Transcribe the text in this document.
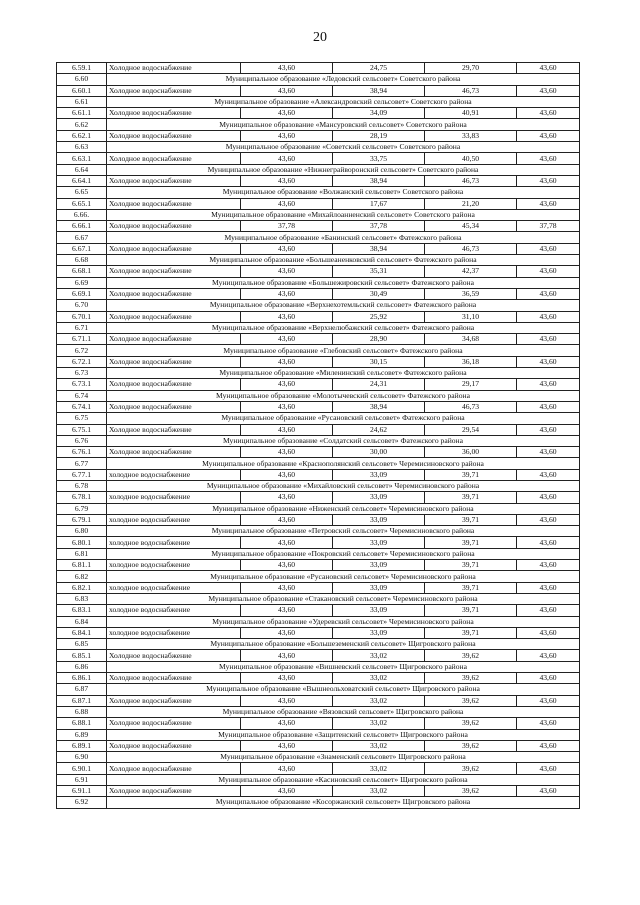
20
6.59.1	Холодное водоснабжение	43,60	24,75	29,70	43,60
6.60	Муниципальное образование «Ледовский сельсовет» Советского района				
6.60.1	Холодное водоснабжение	43,60	38,94	46,73	43,60
6.61	Муниципальное образование «Александровский сельсовет» Советского района				
6.61.1	Холодное водоснабжение	43,60	34,09	40,91	43,60
6.62	Муниципальное образование «Мансуровский сельсовет» Советского района				
6.62.1	Холодное водоснабжение	43,60	28,19	33,83	43,60
6.63	Муниципальное образование «Советский сельсовет» Советского района				
6.63.1	Холодное водоснабжение	43,60	33,75	40,50	43,60
6.64	Муниципальное образование «Нижнеграйворонский сельсовет» Советского района				
6.64.1	Холодное водоснабжение	43,60	38,94	46,73	43,60
6.65	Муниципальное образование «Волжанский сельсовет» Советского района				
6.65.1	Холодное водоснабжение	43,60	17,67	21,20	43,60
6.66.	Муниципальное образование «Михайлоанненский сельсовет» Советского района				
6.66.1	Холодное водоснабжение	37,78	37,78	45,34	37,78
6.67	Муниципальное образование «Банинский сельсовет» Фатежского района				
6.67.1	Холодное водоснабжение	43,60	38,94	46,73	43,60
6.68	Муниципальное образование «Большеаненковский сельсовет» Фатежского района				
6.68.1	Холодное водоснабжение	43,60	35,31	42,37	43,60
6.69	Муниципальное образование «Большежировский сельсовет» Фатежского района				
6.69.1	Холодное водоснабжение	43,60	30,49	36,59	43,60
6.70	Муниципальное образование «Верхнехотемльский сельсовет» Фатежского района				
6.70.1	Холодное водоснабжение	43,60	25,92	31,10	43,60
6.71	Муниципальное образование «Верхнелюбажский сельсовет» Фатежского района				
6.71.1	Холодное водоснабжение	43,60	28,90	34,68	43,60
6.72	Муниципальное образование «Глебовский сельсовет» Фатежского района				
6.72.1	Холодное водоснабжение	43,60	30,15	36,18	43,60
6.73	Муниципальное образование «Миленинский сельсовет» Фатежского района				
6.73.1	Холодное водоснабжение	43,60	24,31	29,17	43,60
6.74	Муниципальное образование «Молотычевский сельсовет» Фатежского района				
6.74.1	Холодное водоснабжение	43,60	38,94	46,73	43,60
6.75	Муниципальное образование «Русановский сельсовет» Фатежского района				
6.75.1	Холодное водоснабжение	43,60	24,62	29,54	43,60
6.76	Муниципальное образование «Солдатский сельсовет» Фатежского района				
6.76.1	Холодное водоснабжение	43,60	30,00	36,00	43,60
6.77	Муниципальное образование «Краснополянский сельсовет» Черемисиновского района				
6.77.1	холодное водоснабжение	43,60	33,09	39,71	43,60
6.78	Муниципальное образование «Михайловский сельсовет» Черемисиновского района				
6.78.1	холодное водоснабжение	43,60	33,09	39,71	43,60
6.79	Муниципальное образование «Ниженский сельсовет» Черемисиновского района				
6.79.1	холодное водоснабжение	43,60	33,09	39,71	43,60
6.80	Муниципальное образование «Петровский сельсовет» Черемисиновского района				
6.80.1	холодное водоснабжение	43,60	33,09	39,71	43,60
6.81	Муниципальное образование «Покровский сельсовет» Черемисиновского района				
6.81.1	холодное водоснабжение	43,60	33,09	39,71	43,60
6.82	Муниципальное образование «Русановский сельсовет» Черемисиновского района				
6.82.1	холодное водоснабжение	43,60	33,09	39,71	43,60
6.83	Муниципальное образование «Стакановский сельсовет» Черемисиновского района				
6.83.1	холодное водоснабжение	43,60	33,09	39,71	43,60
6.84	Муниципальное образование «Удеревский сельсовет» Черемисиновского района				
6.84.1	холодное водоснабжение	43,60	33,09	39,71	43,60
6.85	Муниципальное образование «Большеземенский сельсовет» Щигровского района				
6.85.1	Холодное водоснабжение	43,60	33,02	39,62	43,60
6.86	Муниципальное образование «Вишневский сельсовет» Щигровского района				
6.86.1	Холодное водоснабжение	43,60	33,02	39,62	43,60
6.87	Муниципальное образование «Вышнеольховатский сельсовет» Щигровского района				
6.87.1	Холодное водоснабжение	43,60	33,02	39,62	43,60
6.88	Муниципальное образование «Вязовский сельсовет» Щигровского района				
6.88.1	Холодное водоснабжение	43,60	33,02	39,62	43,60
6.89	Муниципальное образование «Защитенский сельсовет» Щигровского района				
6.89.1	Холодное водоснабжение	43,60	33,02	39,62	43,60
6.90	Муниципальное образование «Знаменский сельсовет» Щигровского района				
6.90.1	Холодное водоснабжение	43,60	33,02	39,62	43,60
6.91	Муниципальное образование «Касиновский сельсовет» Щигровского района				
6.91.1	Холодное водоснабжение	43,60	33,02	39,62	43,60
6.92	Муниципальное образование «Косоржанский сельсовет» Щигровского района				
